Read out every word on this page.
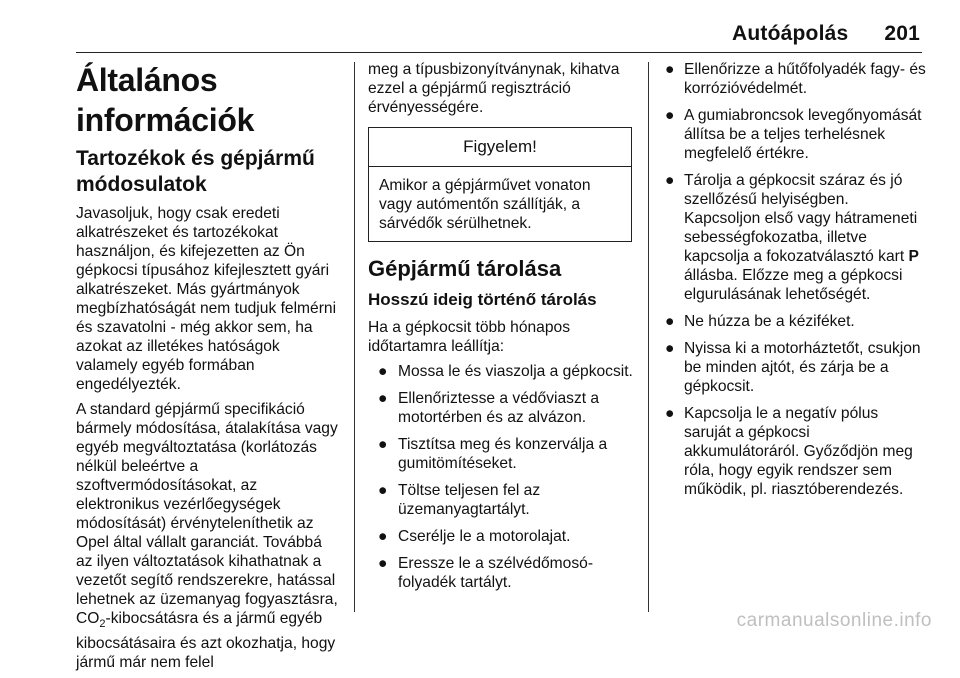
Autóápolás 201
Általános információk
Tartozékok és gépjármű módosulatok

Javasoljuk, hogy csak eredeti alkatrészeket és tartozékokat használjon, és kifejezetten az Ön gépkocsi típusához kifejlesztett gyári alkatrészeket. Más gyártmányok megbízhatóságát nem tudjuk felmérni és szavatolni - még akkor sem, ha azokat az illetékes hatóságok valamely egyéb formában engedélyezték.

A standard gépjármű specifikáció bármely módosítása, átalakítása vagy egyéb megváltoztatása (korlátozás nélkül beleértve a szoftvermódosításokat, az elektronikus vezérlőegységek módosítását) érvényteleníthetik az Opel által vállalt garanciát. Továbbá az ilyen változtatások kihathatnak a vezetőt segítő rendszerekre, hatással lehetnek az üzemanyag fogyasztásra, $CO_2$-kibocsátásra és a jármű egyéb kibocsátásaira és azt okozhatja, hogy jármű már nem felel

meg a típusbizonyítványnak, kihatva ezzel a gépjármű regisztráció érvényességére.

Figyelem!
Amikor a gépjárművet vonaton vagy autómentőn szállítják, a sárvédők sérülhetnek.
Gépjármű tárolása
Hosszú ideig történő tárolás

Ha a gépkocsit több hónapos időtartamra leállítja:

● Mossa le és viaszolja a gépkocsit.
● Ellenőriztesse a védőviaszt a motortérben és az alvázon.
● Tisztítsa meg és konzerválja a gumitömítéseket.
● Töltse teljesen fel az üzemanyagtartályt.
● Cserélje le a motorolajat.
● Eressze le a szélvédőmosó-folyadék tartályt.
● Ellenőrizze a hűtőfolyadék fagy- és korrózióvédelmét.
● A gumiabroncsok levegőnyomását állítsa be a teljes terhelésnek megfelelő értékre.
● Tárolja a gépkocsit száraz és jó szellőzésű helyiségben. Kapcsoljon első vagy hátrameneti sebességfokozatba, illetve kapcsolja a fokozatválasztó kart P állásba. Előzze meg a gépkocsi elgurulásának lehetőségét.
● Ne húzza be a kéziféket.
● Nyissa ki a motorháztetőt, csukjon be minden ajtót, és zárja be a gépkocsit.
● Kapcsolja le a negatív pólus saruját a gépkocsi akkumulátoráról. Győződjön meg róla, hogy egyik rendszer sem működik, pl. riasztóberendezés.
carmanualsonline.info
